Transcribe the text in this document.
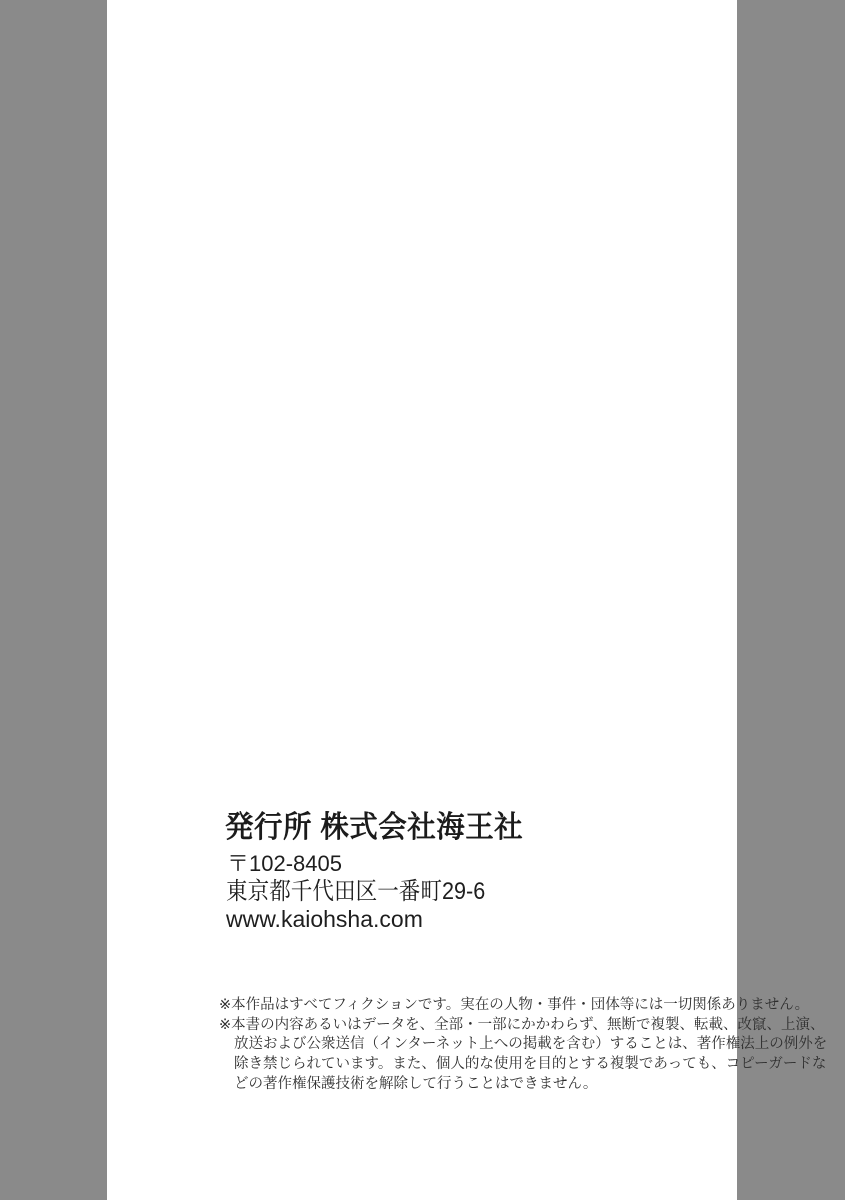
発行所 株式会社海王社
〒102-8405
東京都千代田区一番町29-6
www.kaiohsha.com
※本作品はすべてフィクションです。実在の人物・事件・団体等には一切関係ありません。
※本書の内容あるいはデータを、全部・一部にかかわらず、無断で複製、転載、改竄、上演、
放送および公衆送信（インターネット上への掲載を含む）することは、著作権法上の例外を
除き禁じられています。また、個人的な使用を目的とする複製であっても、コピーガードな
どの著作権保護技術を解除して行うことはできません。
